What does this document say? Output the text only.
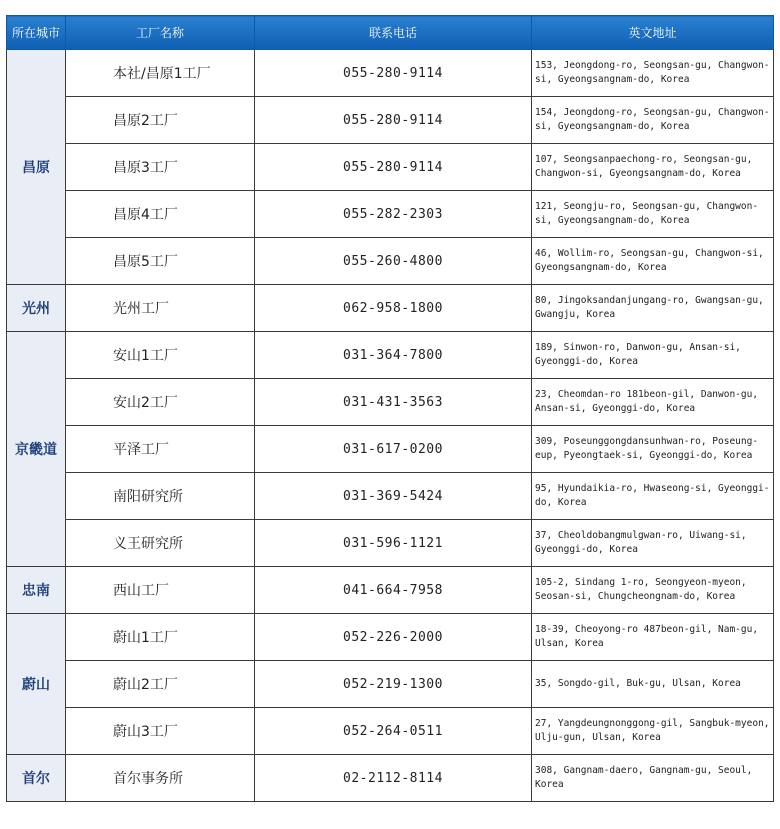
所在城市	工厂名称	联系电话	英文地址
昌原	本社/昌原1工厂	055-280-9114	153, Jeongdong-ro, Seongsan-gu, Changwon-si, Gyeongsangnam-do, Korea

	昌原2工厂	055-280-9114	154, Jeongdong-ro, Seongsan-gu, Changwon-si, Gyeongsangnam-do, Korea

	昌原3工厂	055-280-9114	107, Seongsanpaechong-ro, Seongsan-gu, Changwon-si, Gyeongsangnam-do, Korea

	昌原4工厂	055-282-2303	121, Seongju-ro, Seongsan-gu, Changwon-si, Gyeongsangnam-do, Korea

	昌原5工厂	055-260-4800	46, Wollim-ro, Seongsan-gu, Changwon-si, Gyeongsangnam-do, Korea

光州	光州工厂	062-958-1800	80, Jingoksandanjungang-ro, Gwangsan-gu, Gwangju, Korea

京畿道	安山1工厂	031-364-7800	189, Sinwon-ro, Danwon-gu, Ansan-si, Gyeonggi-do, Korea

	安山2工厂	031-431-3563	23, Cheomdan-ro 181beon-gil, Danwon-gu, Ansan-si, Gyeonggi-do, Korea

	平泽工厂	031-617-0200	309, Poseunggongdansunhwan-ro, Poseung-eup, Pyeongtaek-si, Gyeonggi-do, Korea

	南阳研究所	031-369-5424	95, Hyundaikia-ro, Hwaseong-si, Gyeonggi-do, Korea

	义王研究所	031-596-1121	37, Cheoldobangmulgwan-ro, Uiwang-si, Gyeonggi-do, Korea

忠南	西山工厂	041-664-7958	105-2, Sindang 1-ro, Seongyeon-myeon, Seosan-si, Chungcheongnam-do, Korea

蔚山	蔚山1工厂	052-226-2000	18-39, Cheoyong-ro 487beon-gil, Nam-gu, Ulsan, Korea

	蔚山2工厂	052-219-1300	35, Songdo-gil, Buk-gu, Ulsan, Korea

	蔚山3工厂	052-264-0511	27, Yangdeungnonggong-gil, Sangbuk-myeon, Ulju-gun, Ulsan, Korea

首尔	首尔事务所	02-2112-8114	308, Gangnam-daero, Gangnam-gu, Seoul, Korea
